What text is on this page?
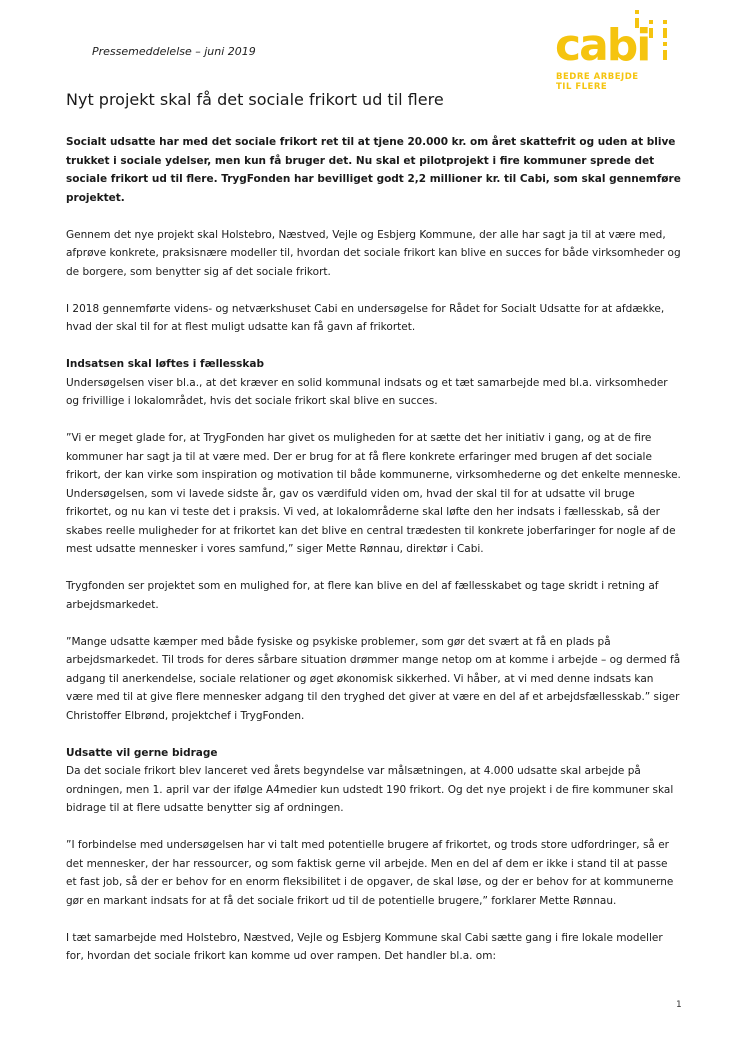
Pressemeddelelse – juni 2019	cabi
BEDRE ARBEJDE
TIL FLERE
Nyt projekt skal få det sociale frikort ud til flere

Socialt udsatte har med det sociale frikort ret til at tjene 20.000 kr. om året skattefrit og uden at blive trukket i sociale ydelser, men kun få bruger det. Nu skal et pilotprojekt i fire kommuner sprede det sociale frikort ud til flere. TrygFonden har bevilliget godt 2,2 millioner kr. til Cabi, som skal gennemføre projektet.

Gennem det nye projekt skal Holstebro, Næstved, Vejle og Esbjerg Kommune, der alle har sagt ja til at være med, afprøve konkrete, praksisnære modeller til, hvordan det sociale frikort kan blive en succes for både virksomheder og de borgere, som benytter sig af det sociale frikort.

I 2018 gennemførte videns- og netværkshuset Cabi en undersøgelse for Rådet for Socialt Udsatte for at afdække, hvad der skal til for at flest muligt udsatte kan få gavn af frikortet.

Indsatsen skal løftes i fællesskab

Undersøgelsen viser bl.a., at det kræver en solid kommunal indsats og et tæt samarbejde med bl.a. virksomheder og frivillige i lokalområdet, hvis det sociale frikort skal blive en succes.

”Vi er meget glade for, at TrygFonden har givet os muligheden for at sætte det her initiativ i gang, og at de fire kommuner har sagt ja til at være med. Der er brug for at få flere konkrete erfaringer med brugen af det sociale frikort, der kan virke som inspiration og motivation til både kommunerne, virksomhederne og det enkelte menneske. Undersøgelsen, som vi lavede sidste år, gav os værdifuld viden om, hvad der skal til for at udsatte vil bruge frikortet, og nu kan vi teste det i praksis. Vi ved, at lokalområderne skal løfte den her indsats i fællesskab, så der skabes reelle muligheder for at frikortet kan det blive en central trædesten til konkrete joberfaringer for nogle af de mest udsatte mennesker i vores samfund,” siger Mette Rønnau, direktør i Cabi.

Trygfonden ser projektet som en mulighed for, at flere kan blive en del af fællesskabet og tage skridt i retning af arbejdsmarkedet.

”Mange udsatte kæmper med både fysiske og psykiske problemer, som gør det svært at få en plads på arbejdsmarkedet. Til trods for deres sårbare situation drømmer mange netop om at komme i arbejde – og dermed få adgang til anerkendelse, sociale relationer og øget økonomisk sikkerhed. Vi håber, at vi med denne indsats kan være med til at give flere mennesker adgang til den tryghed det giver at være en del af et arbejdsfællesskab.” siger Christoffer Elbrønd, projektchef i TrygFonden.

Udsatte vil gerne bidrage

Da det sociale frikort blev lanceret ved årets begyndelse var målsætningen, at 4.000 udsatte skal arbejde på ordningen, men 1. april var der ifølge A4medier kun udstedt 190 frikort. Og det nye projekt i de fire kommuner skal bidrage til at flere udsatte benytter sig af ordningen.

”I forbindelse med undersøgelsen har vi talt med potentielle brugere af frikortet, og trods store udfordringer, så er det mennesker, der har ressourcer, og som faktisk gerne vil arbejde. Men en del af dem er ikke i stand til at passe et fast job, så der er behov for en enorm fleksibilitet i de opgaver, de skal løse, og der er behov for at kommunerne gør en markant indsats for at få det sociale frikort ud til de potentielle brugere,” forklarer Mette Rønnau.

I tæt samarbejde med Holstebro, Næstved, Vejle og Esbjerg Kommune skal Cabi sætte gang i fire lokale modeller for, hvordan det sociale frikort kan komme ud over rampen. Det handler bl.a. om:

1
